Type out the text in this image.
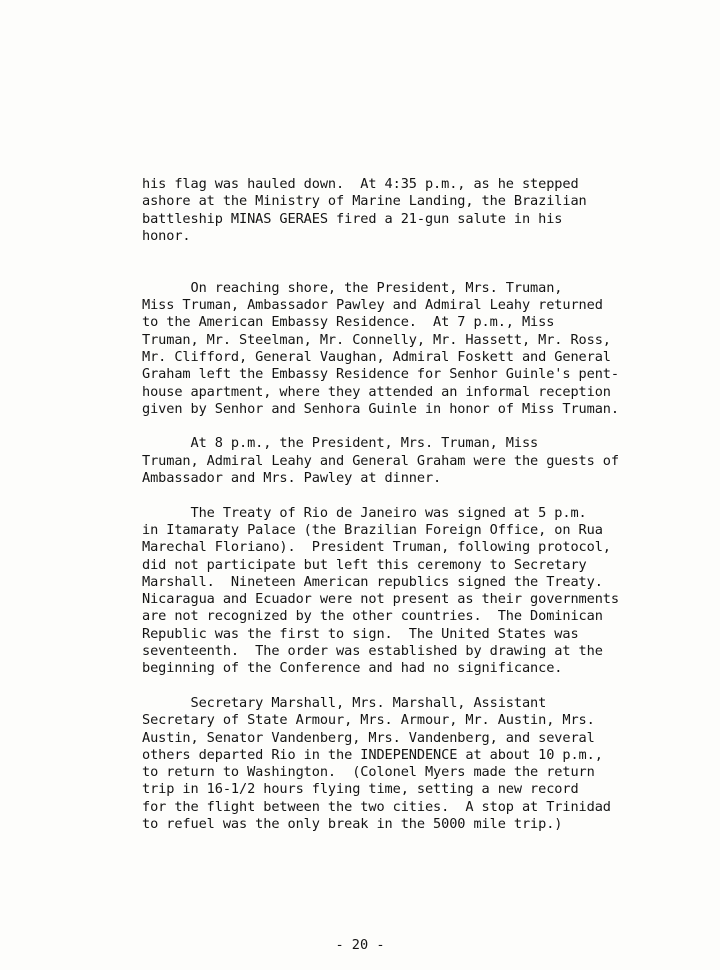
his flag was hauled down.  At 4:35 p.m., as he stepped

ashore at the Ministry of Marine Landing, the Brazilian

battleship MINAS GERAES fired a 21-gun salute in his

honor.

On reaching shore, the President, Mrs. Truman,

Miss Truman, Ambassador Pawley and Admiral Leahy returned

to the American Embassy Residence.  At 7 p.m., Miss

Truman, Mr. Steelman, Mr. Connelly, Mr. Hassett, Mr. Ross,

Mr. Clifford, General Vaughan, Admiral Foskett and General

Graham left the Embassy Residence for Senhor Guinle's pent-

house apartment, where they attended an informal reception

given by Senhor and Senhora Guinle in honor of Miss Truman.

At 8 p.m., the President, Mrs. Truman, Miss

Truman, Admiral Leahy and General Graham were the guests of

Ambassador and Mrs. Pawley at dinner.

The Treaty of Rio de Janeiro was signed at 5 p.m.

in Itamaraty Palace (the Brazilian Foreign Office, on Rua

Marechal Floriano).  President Truman, following protocol,

did not participate but left this ceremony to Secretary

Marshall.  Nineteen American republics signed the Treaty.

Nicaragua and Ecuador were not present as their governments

are not recognized by the other countries.  The Dominican

Republic was the first to sign.  The United States was

seventeenth.  The order was established by drawing at the

beginning of the Conference and had no significance.

Secretary Marshall, Mrs. Marshall, Assistant

Secretary of State Armour, Mrs. Armour, Mr. Austin, Mrs.

Austin, Senator Vandenberg, Mrs. Vandenberg, and several

others departed Rio in the INDEPENDENCE at about 10 p.m.,

to return to Washington.  (Colonel Myers made the return

trip in 16-1/2 hours flying time, setting a new record

for the flight between the two cities.  A stop at Trinidad

to refuel was the only break in the 5000 mile trip.)

- 20 -
